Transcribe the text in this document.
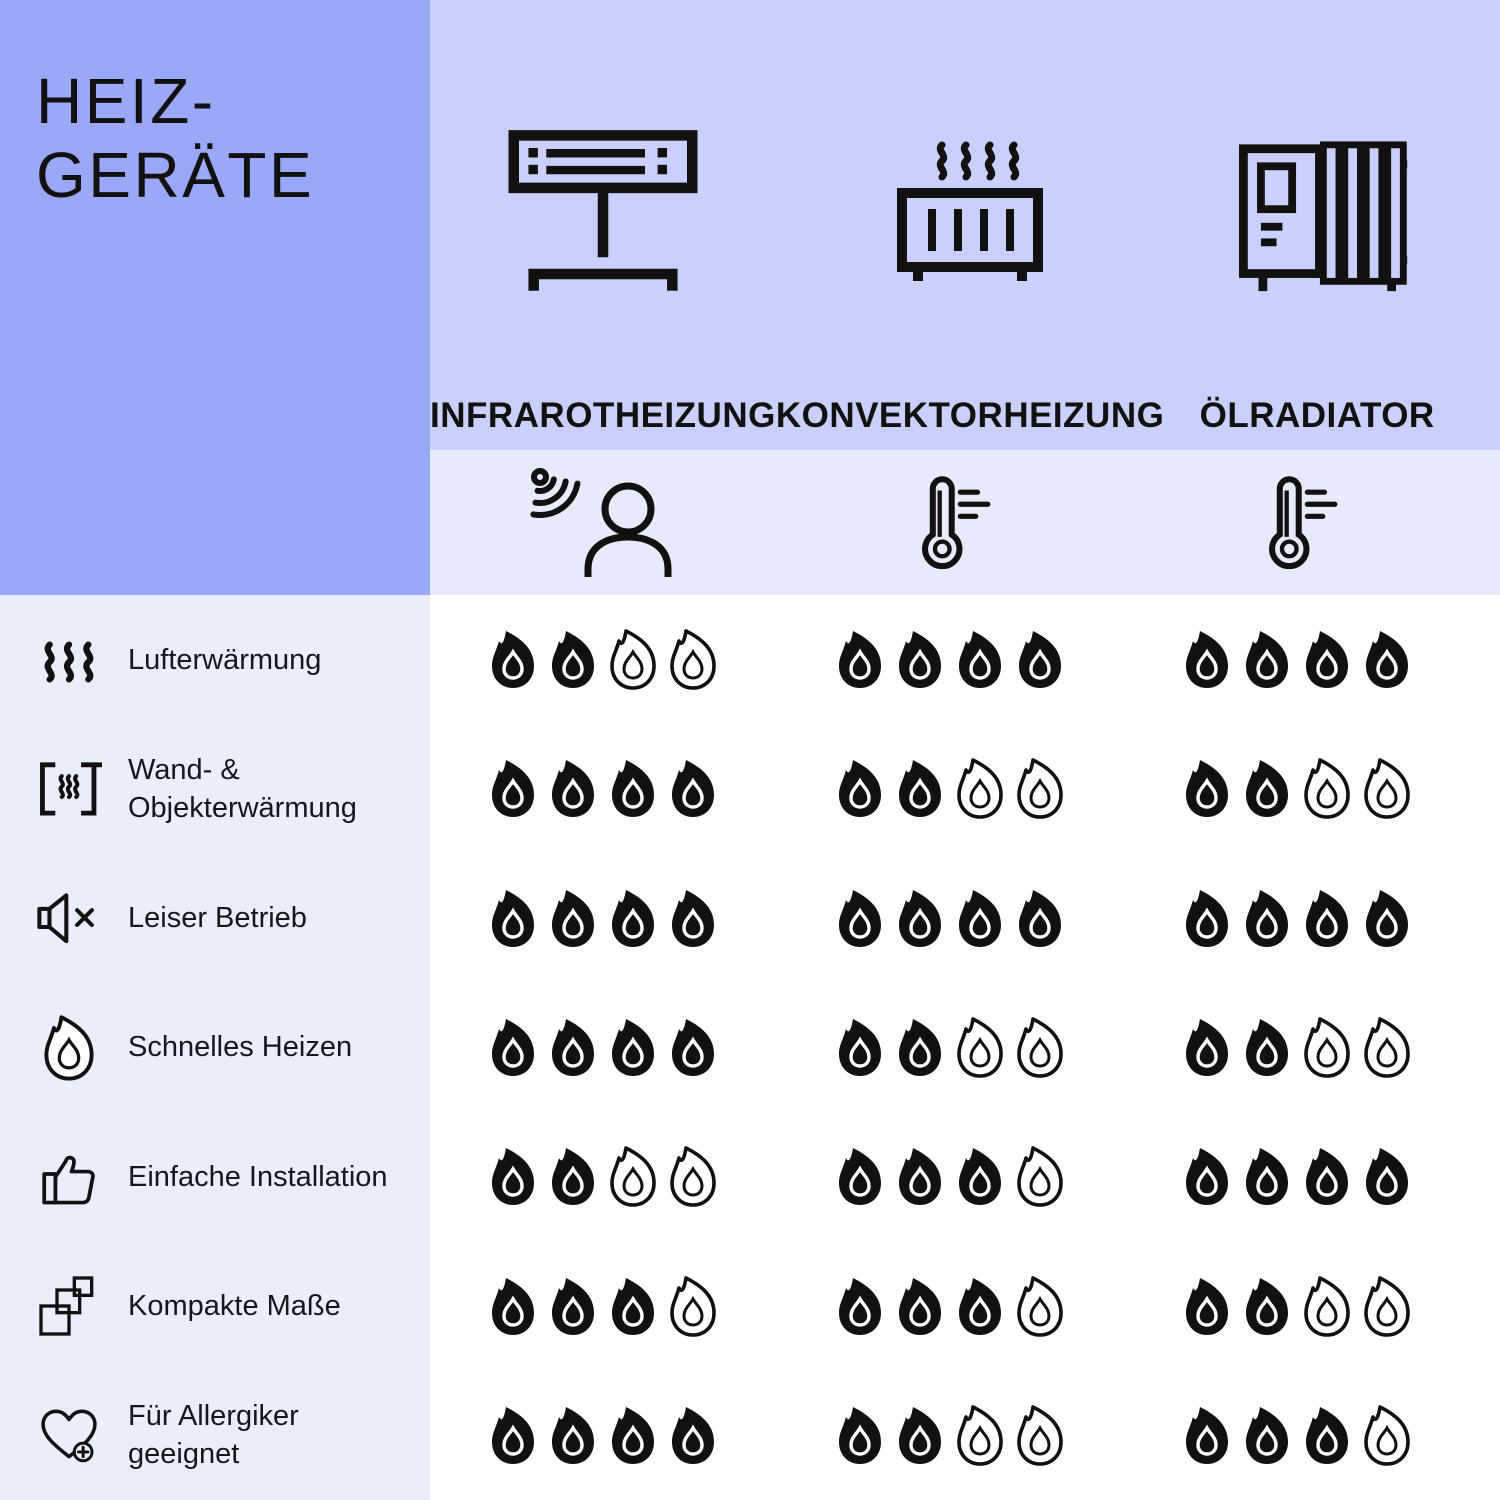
HEIZ-
GERÄTE
INFRAROT HEIZUNG KONVEKTOR HEIZUNG ÖLRADIATOR
Lufterwärmung
Wand- & Objekterwärmung
Leiser Betrieb
Schnelles Heizen
Einfache Installation
Kompakte Maße
Für Allergiker geeignet
